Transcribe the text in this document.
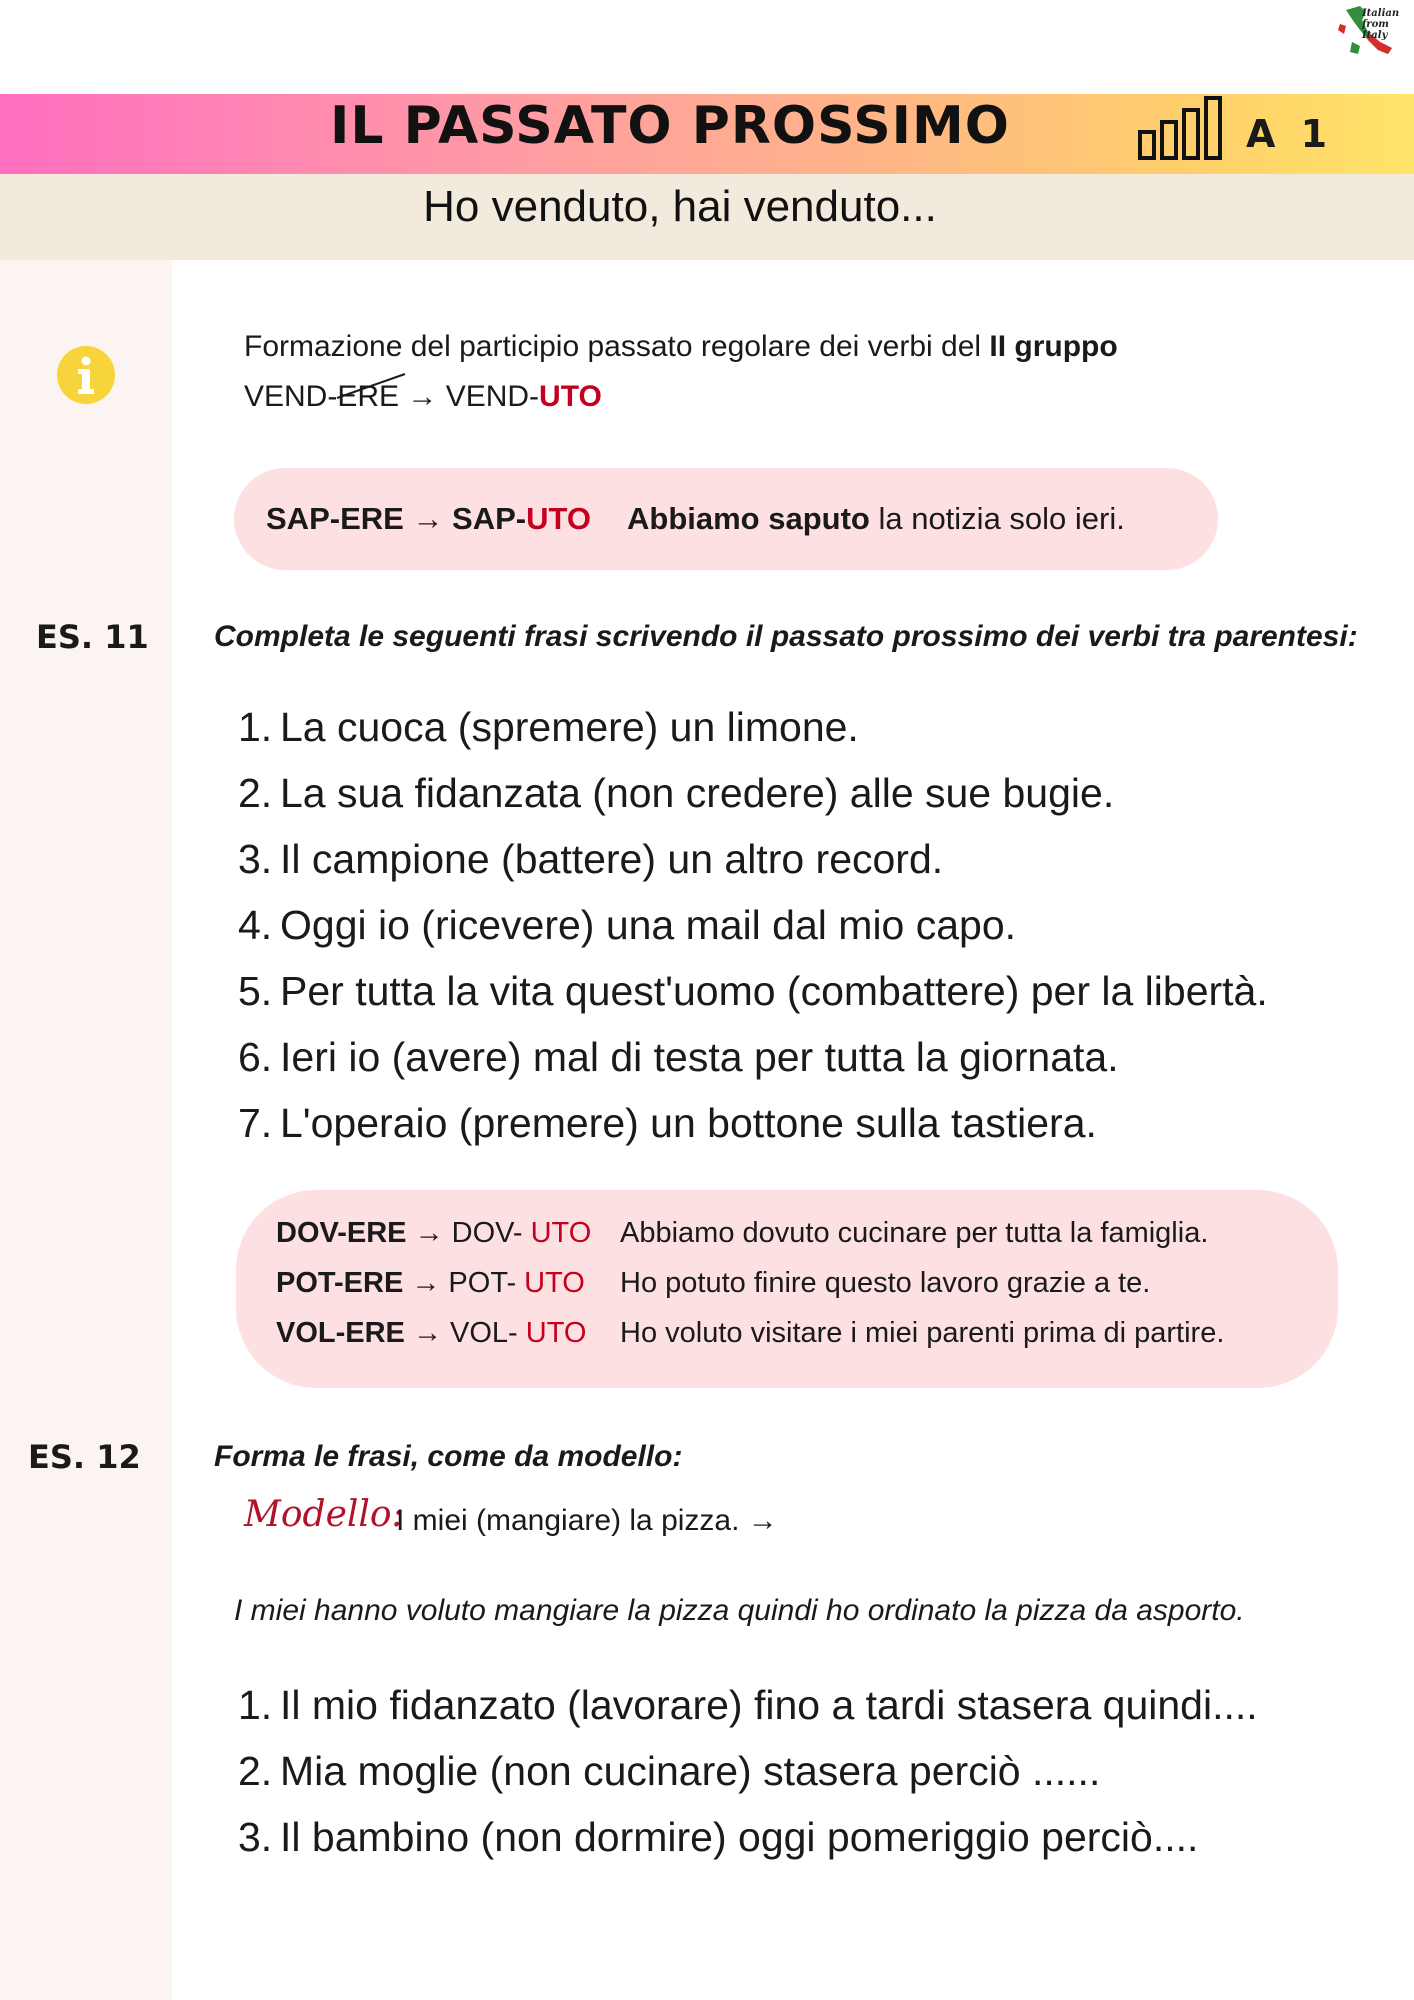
Italian from Italy
IL PASSATO PROSSIMO	A 1
Ho venduto, hai venduto...
Formazione del participio passato regolare dei verbi del II gruppo
VEND-ERE
→ VEND-UTO
SAP-ERE → SAP-UTO Abbiamo saputo la notizia solo ieri.
ES. 11 Completa le seguenti frasi scrivendo il passato prossimo dei verbi tra parentesi:
1. La cuoca (spremere) un limone.
2. La sua fidanzata (non credere) alle sue bugie.
3. Il campione (battere) un altro record.
4. Oggi io (ricevere) una mail dal mio capo.
5. Per tutta la vita quest'uomo (combattere) per la libertà.
6. Ieri io (avere) mal di testa per tutta la giornata.
7. L'operaio (premere) un bottone sulla tastiera.
DOV-ERE → DOV- UTO Abbiamo dovuto cucinare per tutta la famiglia.
POT-ERE → POT- UTO Ho potuto finire questo lavoro grazie a te.
VOL-ERE → VOL- UTO Ho voluto visitare i miei parenti prima di partire.
ES. 12 Forma le frasi, come da modello:
Modello:
I miei (mangiare) la pizza. →
I miei hanno voluto mangiare la pizza quindi ho ordinato la pizza da asporto.
1. Il mio fidanzato (lavorare) fino a tardi stasera quindi....
2. Mia moglie (non cucinare) stasera perciò ......
3. Il bambino (non dormire) oggi pomeriggio perciò....
